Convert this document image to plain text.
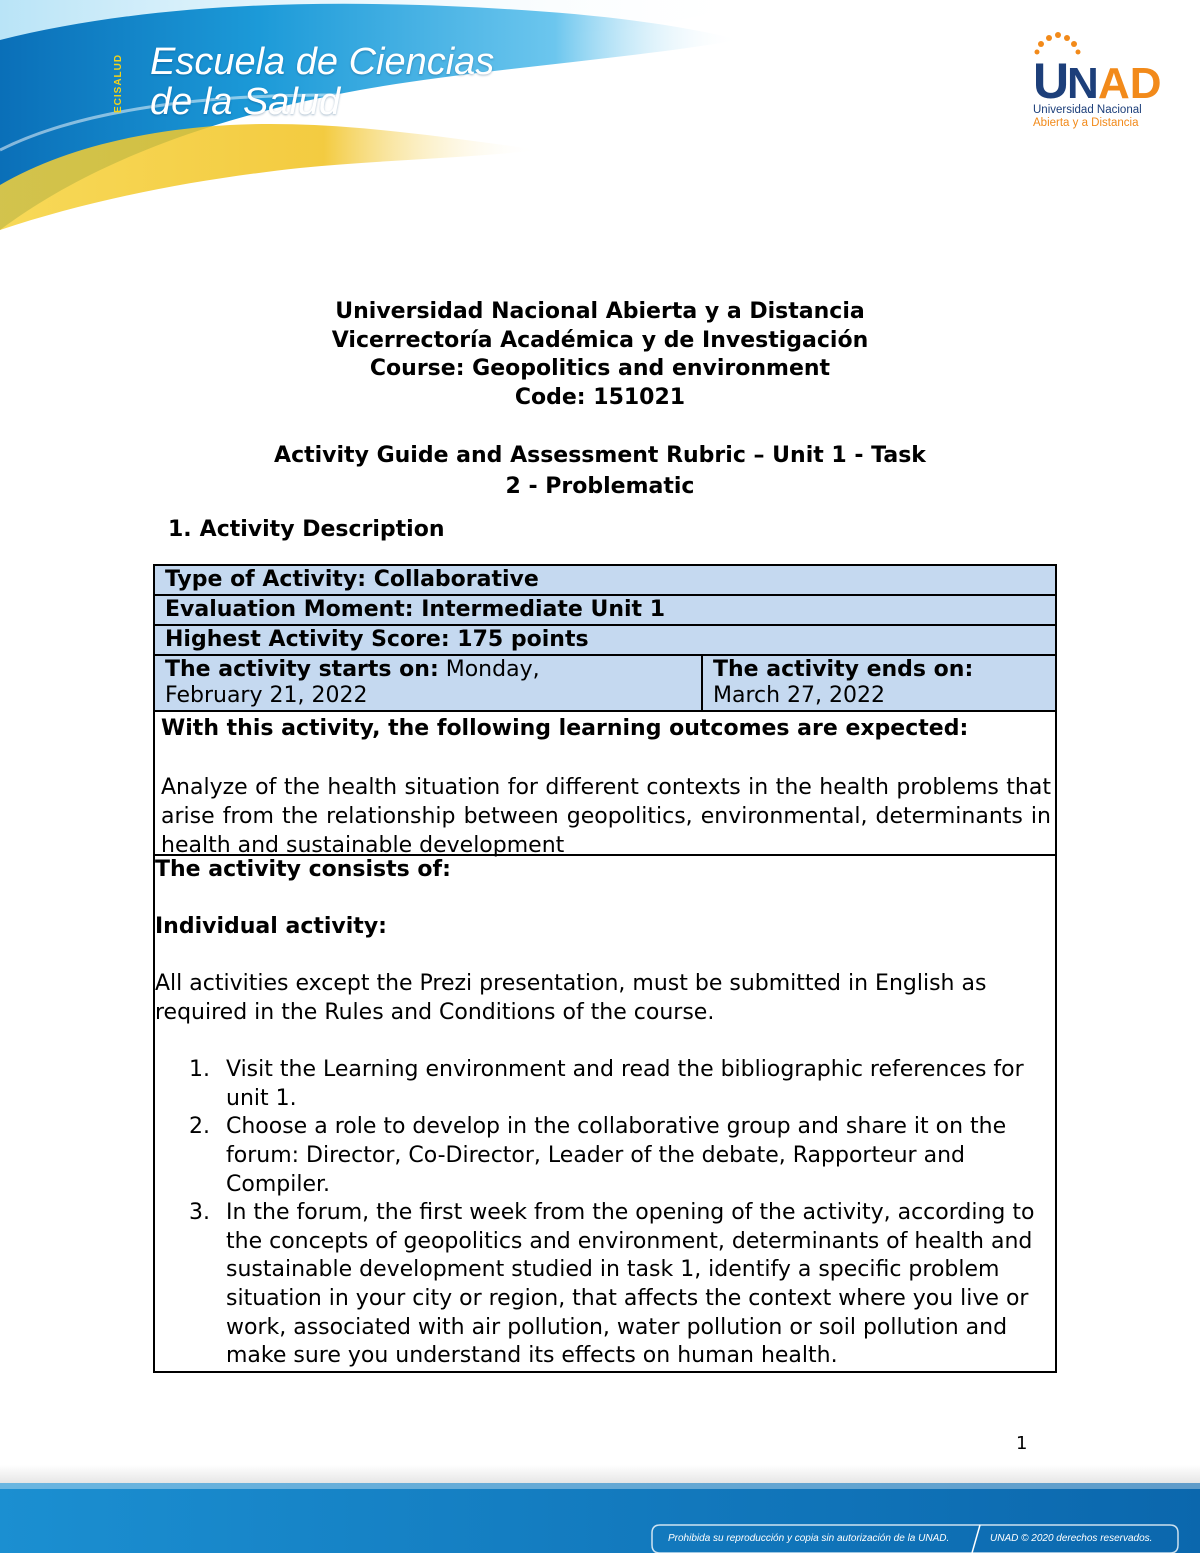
ECISALUD Escuela de Ciencias
de la Salud	U
N AD
Universidad Nacional
Abierta y a Distancia
Universidad Nacional Abierta y a Distancia
Vicerrectoría Académica y de Investigación
Course: Geopolitics and environment
Code: 151021
Activity Guide and Assessment Rubric – Unit 1 - Task
2 - Problematic
1. Activity Description
Type of Activity: Collaborative
Evaluation Moment: Intermediate Unit 1
Highest Activity Score: 175 points
The activity starts on: Monday,
February 21, 2022
The activity ends on:
March 27, 2022
With this activity, the following learning outcomes are expected:
Analyze of the health situation for different contexts in the health problems that arise from the relationship between geopolitics, environmental, determinants in health and sustainable development

The activity consists of:

Individual activity:

All activities except the Prezi presentation, must be submitted in English as required in the Rules and Conditions of the course.

1. Visit the Learning environment and read the bibliographic references for unit 1.
2. Choose a role to develop in the collaborative group and share it on the forum: Director, Co-Director, Leader of the debate, Rapporteur and Compiler.
3. In the forum, the first week from the opening of the activity, according to the concepts of geopolitics and environment, determinants of health and sustainable development studied in task 1, identify a specific problem situation in your city or region, that affects the context where you live or work, associated with air pollution, water pollution or soil pollution and make sure you understand its effects on human health.
1
Prohibida su reproducción y copia sin autorización de la UNAD.	UNAD © 2020 derechos reservados.
